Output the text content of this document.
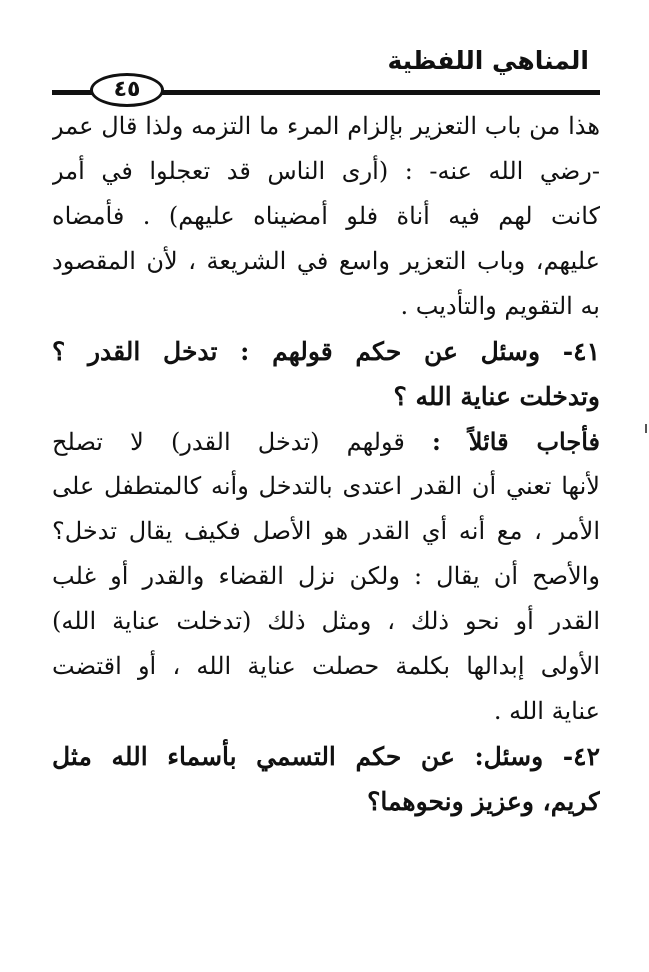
المناهي اللفظية
٤٥
هذا من باب التعزير بإلزام المرء ما التزمه ولذا قال عمر
-رضي الله عنه- : (أرى الناس قد تعجلوا في أمر
كانت لهم فيه أناة فلو أمضيناه عليهم) . فأمضاه
عليهم، وباب التعزير واسع في الشريعة ، لأن المقصود
به التقويم والتأديب .
٤١- وسئل عن حكم قولهم : تدخل القدر ؟
وتدخلت عناية الله ؟
فأجاب قائلاً : قولهم (تدخل القدر) لا تصلح
لأنها تعني أن القدر اعتدى بالتدخل وأنه كالمتطفل على
الأمر ، مع أنه أي القدر هو الأصل فكيف يقال تدخل؟
والأصح أن يقال : ولكن نزل القضاء والقدر أو غلب
القدر أو نحو ذلك ، ومثل ذلك (تدخلت عناية الله)
الأولى إبدالها بكلمة حصلت عناية الله ، أو اقتضت
عناية الله .
٤٢- وسئل: عن حكم التسمي بأسماء الله مثل
كريم، وعزيز ونحوهما؟
